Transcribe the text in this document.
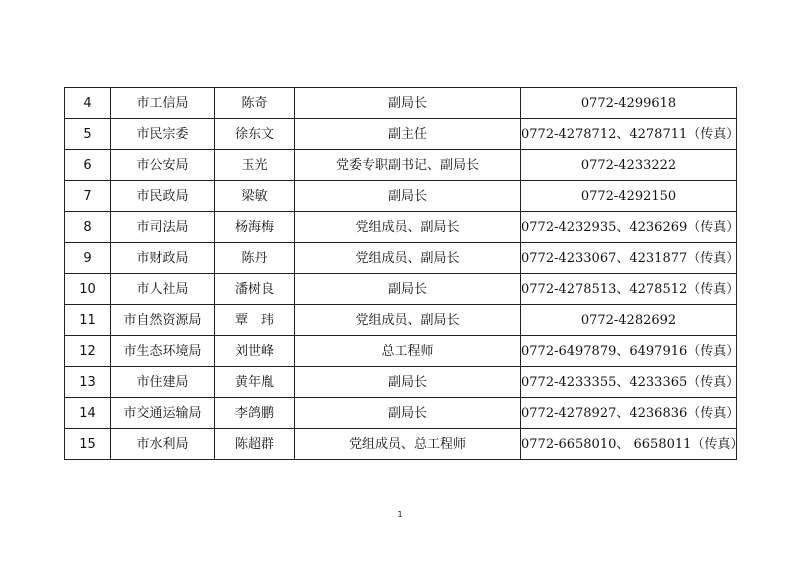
4	市工信局	陈奇	副局长	0772-4299618
5	市民宗委	徐东文	副主任	0772-4278712、4278711（传真）
6	市公安局	玉光	党委专职副书记、副局长	0772-4233222
7	市民政局	梁敏	副局长	0772-4292150
8	市司法局	杨海梅	党组成员、副局长	0772-4232935、4236269（传真）
9	市财政局	陈丹	党组成员、副局长	0772-4233067、4231877（传真）
10	市人社局	潘树良	副局长	0772-4278513、4278512（传真）
11	市自然资源局	覃　玮	党组成员、副局长	0772-4282692
12	市生态环境局	刘世峰	总工程师	0772-6497879、6497916（传真）
13	市住建局	黄年胤	副局长	0772-4233355、4233365（传真）
14	市交通运输局	李鸽鹏	副局长	0772-4278927、4236836（传真）
15	市水利局	陈超群	党组成员、总工程师	0772-6658010、 6658011（传真）
1
